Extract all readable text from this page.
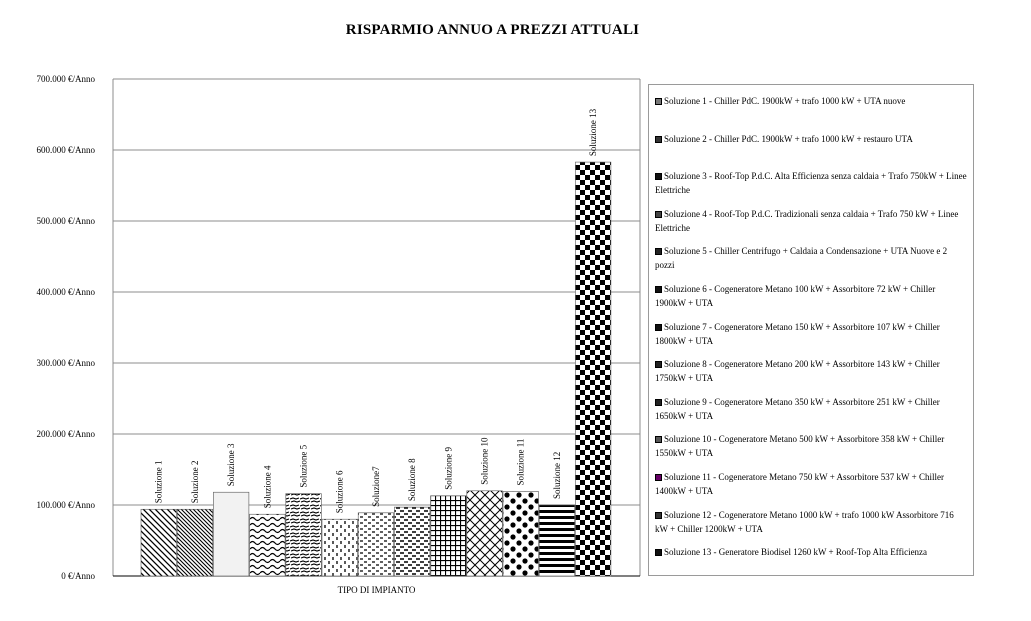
RISPARMIO ANNUO A PREZZI ATTUALI
0 €/Anno
100.000 €/Anno
200.000 €/Anno
300.000 €/Anno
400.000 €/Anno
500.000 €/Anno
600.000 €/Anno
700.000 €/Anno
Soluzione 1	Soluzione 2	Soluzione 3
Soluzione 4	Soluzione 5
Soluzione 6	Soluzione7	Soluzione 8	Soluzione 9	Soluzione 10	Soluzione 11	Soluzione 12
Soluzione 13
Soluzione 1 - Chiller PdC. 1900kW + trafo 1000 kW + UTA nuove
Soluzione 2 - Chiller PdC. 1900kW + trafo 1000 kW + restauro UTA
Soluzione 3 - Roof-Top P.d.C. Alta Efficienza senza caldaia + Trafo 750kW + Linee Elettriche
Soluzione 4 - Roof-Top P.d.C. Tradizionali senza caldaia + Trafo 750 kW + Linee Elettriche
Soluzione 5 - Chiller Centrifugo + Caldaia a Condensazione + UTA Nuove e 2 pozzi
Soluzione 6 - Cogeneratore Metano 100 kW + Assorbitore 72 kW + Chiller 1900kW + UTA
Soluzione 7 - Cogeneratore Metano 150 kW + Assorbitore 107 kW + Chiller 1800kW + UTA
Soluzione 8 - Cogeneratore Metano 200 kW + Assorbitore 143 kW + Chiller 1750kW + UTA
Soluzione 9 - Cogeneratore Metano 350 kW + Assorbitore 251 kW + Chiller 1650kW + UTA
Soluzione 10 - Cogeneratore Metano 500 kW + Assorbitore 358 kW + Chiller 1550kW + UTA
Soluzione 11 - Cogeneratore Metano 750 kW + Assorbitore 537 kW + Chiller 1400kW + UTA
Soluzione 12 - Cogeneratore Metano 1000 kW + trafo 1000 kW Assorbitore 716 kW + Chiller 1200kW + UTA
Soluzione 13 - Generatore Biodisel 1260 kW + Roof-Top Alta Efficienza
TIPO DI IMPIANTO
